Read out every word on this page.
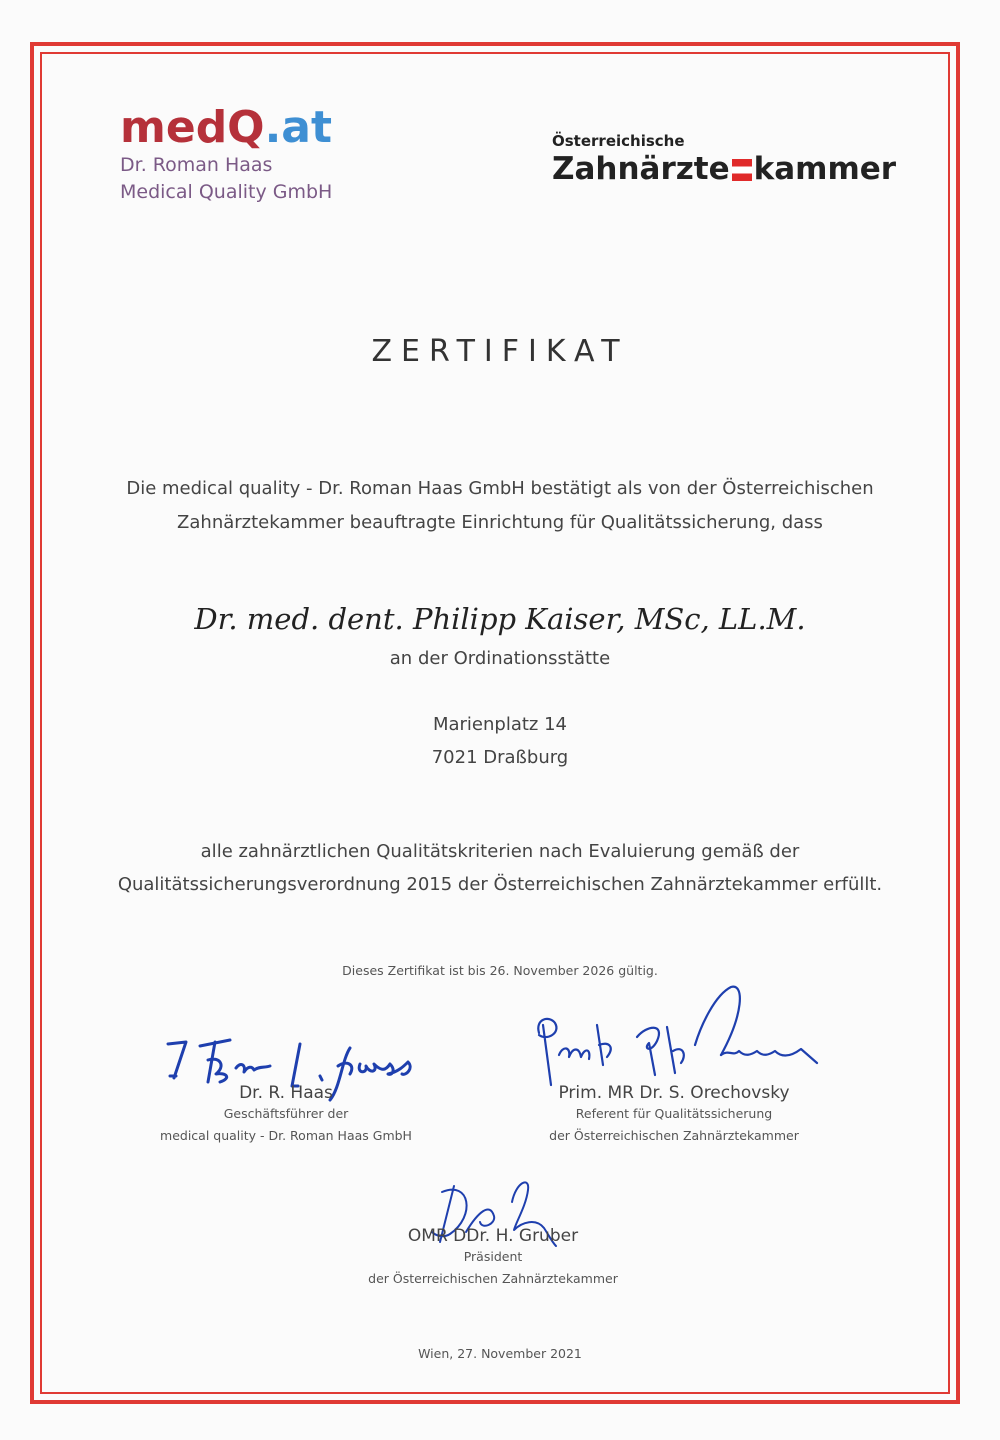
medQ.at
Dr. Roman Haas
Medical Quality GmbH
Österreichische
Zahnärzte kammer
ZERTIFIKAT
Die medical quality - Dr. Roman Haas GmbH bestätigt als von der Österreichischen
Zahnärztekammer beauftragte Einrichtung für Qualitätssicherung, dass
Dr. med. dent. Philipp Kaiser, MSc, LL.M.
an der Ordinationsstätte
Marienplatz 14
7021 Draßburg
alle zahnärztlichen Qualitätskriterien nach Evaluierung gemäß der
Qualitätssicherungsverordnung 2015 der Österreichischen Zahnärztekammer erfüllt.
Dieses Zertifikat ist bis 26. November 2026 gültig.
Dr. R. Haas
Geschäftsführer der
medical quality - Dr. Roman Haas GmbH
Prim. MR Dr. S. Orechovsky
Referent für Qualitätssicherung
der Österreichischen Zahnärztekammer
OMR DDr. H. Gruber
Präsident
der Österreichischen Zahnärztekammer
Wien, 27. November 2021
